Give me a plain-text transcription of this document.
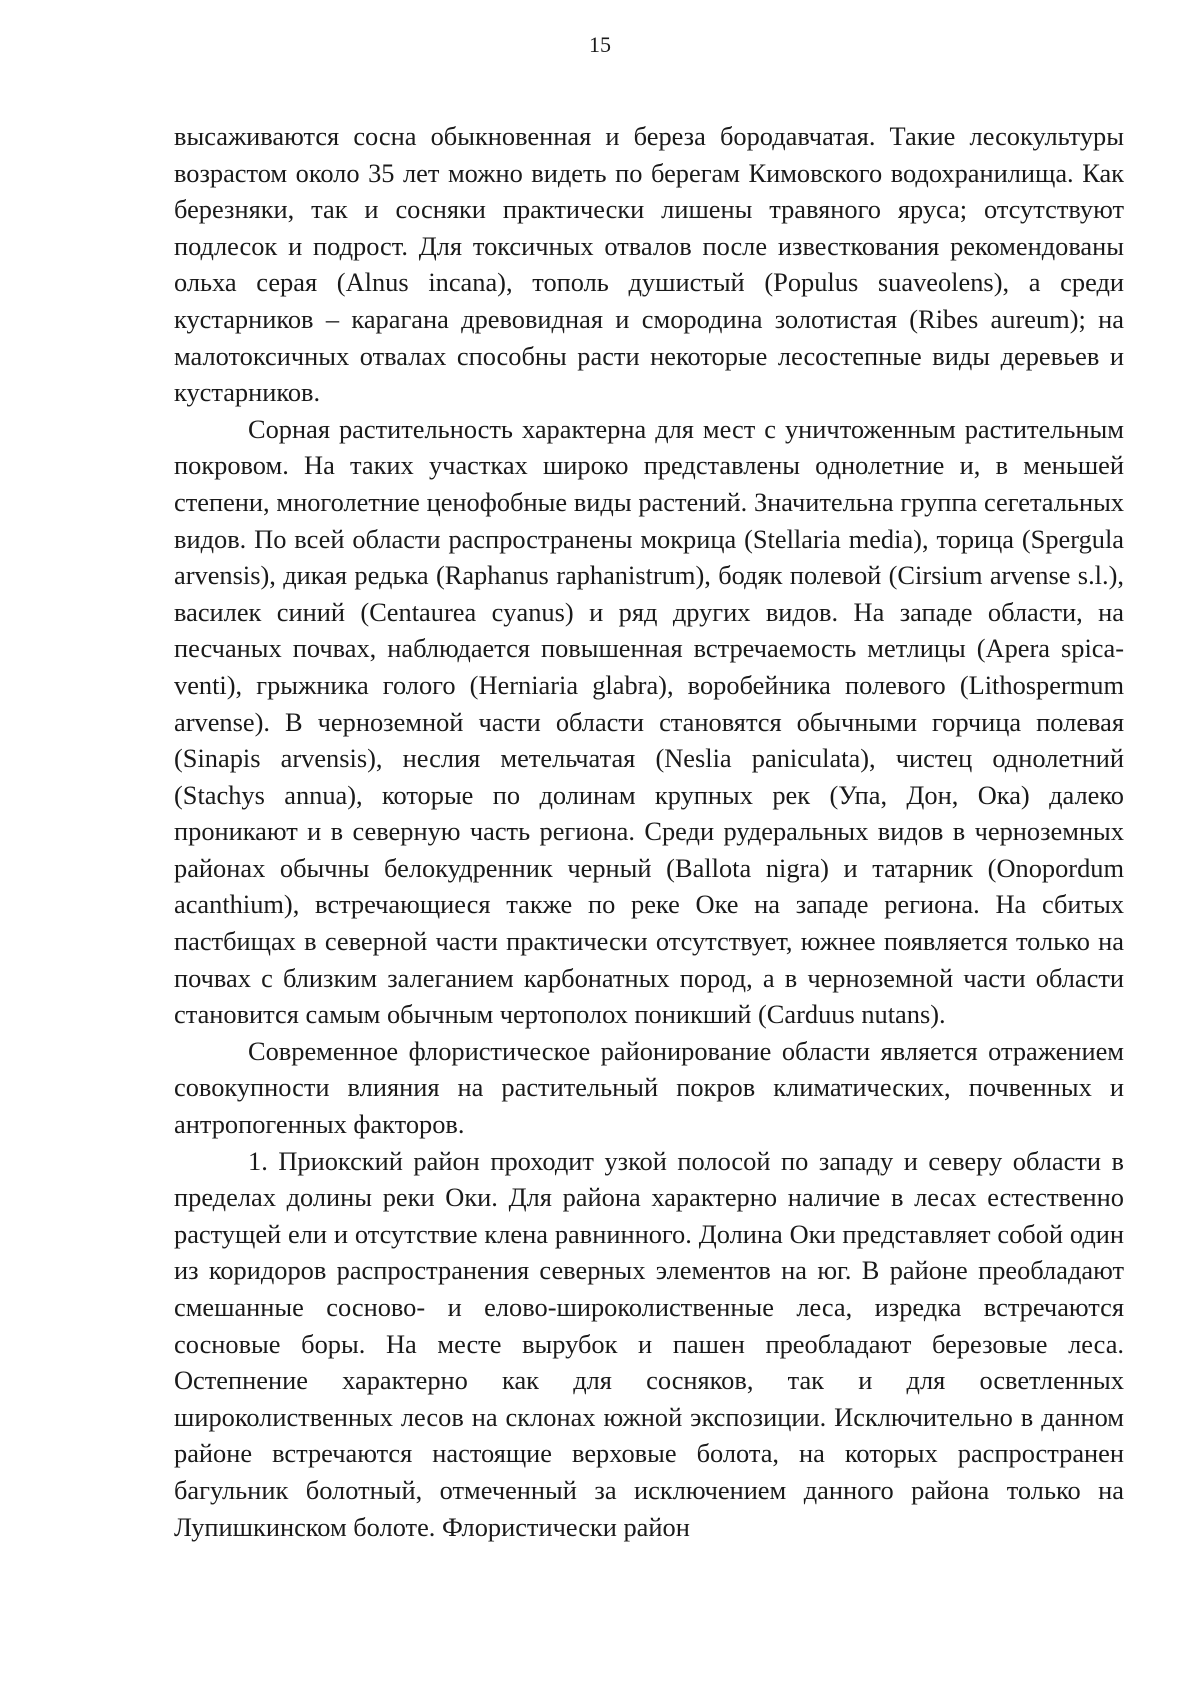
15

высаживаются сосна обыкновенная и береза бородавчатая. Такие лесокультуры возрастом около 35 лет можно видеть по берегам Кимовского водохранилища. Как березняки, так и сосняки практически лишены травяного яруса; отсутствуют подлесок и подрост. Для токсичных отвалов после известкования рекомендованы ольха серая (Alnus incana), тополь душистый (Populus suaveolens), а среди кустарников – карагана древовидная и смородина золотистая (Ribes aureum); на малотоксичных отвалах способны расти некоторые лесостепные виды деревьев и кустарников.

Сорная растительность характерна для мест с уничтоженным растительным покровом. На таких участках широко представлены однолетние и, в меньшей степени, многолетние ценофобные виды растений. Значительна группа сегетальных видов. По всей области распространены мокрица (Stellaria media), торица (Spergula arvensis), дикая редька (Raphanus raphanistrum), бодяк полевой (Cirsium arvense s.l.), василек синий (Centaurea cyanus) и ряд других видов. На западе области, на песчаных почвах, наблюдается повышенная встречаемость метлицы (Apera spica-venti), грыжника голого (Herniaria glabra), воробейника полевого (Lithospermum arvense). В черноземной части области становятся обычными горчица полевая (Sinapis arvensis), неслия метельчатая (Neslia paniculata), чистец однолетний (Stachys annua), которые по долинам крупных рек (Упа, Дон, Ока) далеко проникают и в северную часть региона. Среди рудеральных видов в черноземных районах обычны белокудренник черный (Ballota nigra) и татарник (Onopordum acanthium), встречающиеся также по реке Оке на западе региона. На сбитых пастбищах в северной части практически отсутствует, южнее появляется только на почвах с близким залеганием карбонатных пород, а в черноземной части области становится самым обычным чертополох поникший (Carduus nutans).

Современное флористическое районирование области является отражением совокупности влияния на растительный покров климатических, почвенных и антропогенных факторов.

1. Приокский район проходит узкой полосой по западу и северу области в пределах долины реки Оки. Для района характерно наличие в лесах естественно растущей ели и отсутствие клена равнинного. Долина Оки представляет собой один из коридоров распространения северных элементов на юг. В районе преобладают смешанные сосново- и елово-широколиственные леса, изредка встречаются сосновые боры. На месте вырубок и пашен преобладают березовые леса. Остепнение характерно как для сосняков, так и для осветленных широколиственных лесов на склонах южной экспозиции. Исключительно в данном районе встречаются настоящие верховые болота, на которых распространен багульник болотный, отмеченный за исключением данного района только на Лупишкинском болоте. Флористически район
